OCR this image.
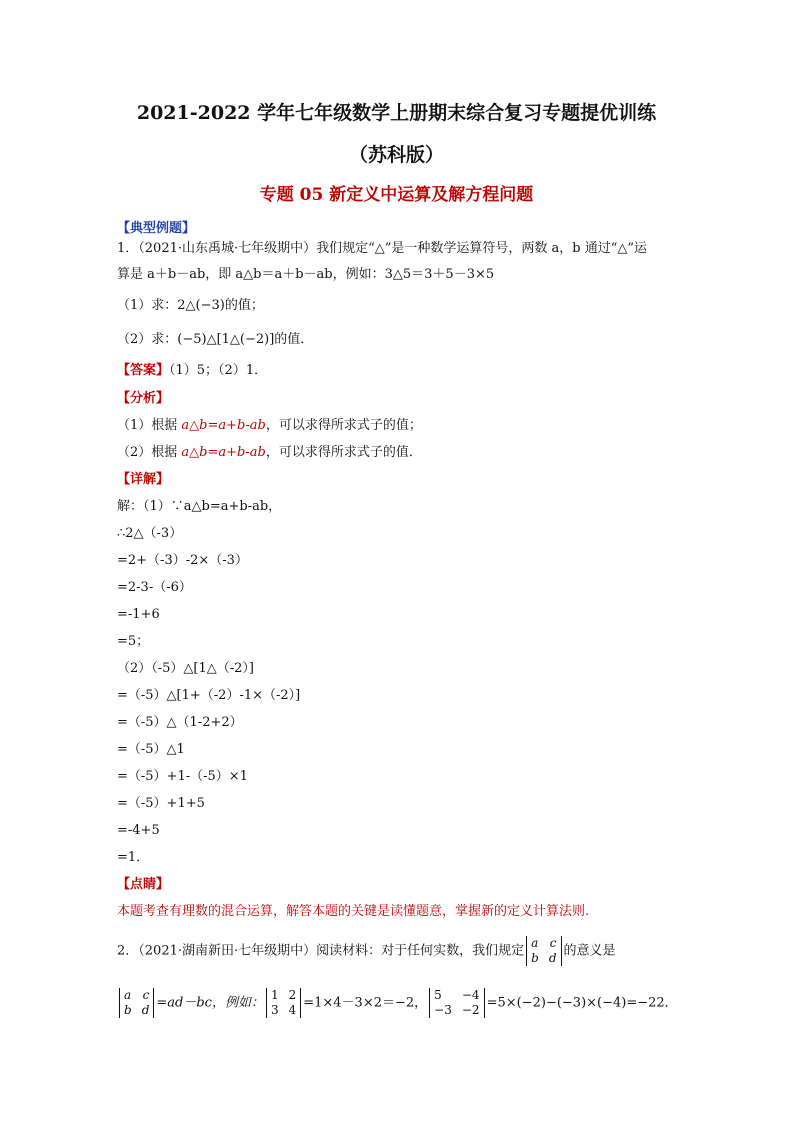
2021-2022 学年七年级数学上册期末综合复习专题提优训练
（苏科版）
专题 05 新定义中运算及解方程问题
【典型例题】
1．（2021·山东禹城·七年级期中）我们规定“△”是一种数学运算符号，两数 a，b 通过“△”运
算是 a＋b－ab，即 a△b＝a＋b－ab，例如：3△5＝3＋5－3×5
（1）求：2△(−3)的值；
（2）求：(−5)△[1△(−2)]的值．
【答案】（1）5；（2）1．
【分析】
（1）根据 a△b=a+b-ab，可以求得所求式子的值；
（2）根据 a△b=a+b-ab，可以求得所求式子的值．
【详解】
解：（1）∵a△b=a+b-ab，
∴2△（-3）
=2+（-3）-2×（-3）
=2-3-（-6）
=-1+6
=5；
（2）（-5）△[1△（-2）]
=（-5）△[1+（-2）-1×（-2）]
=（-5）△（1-2+2）
=（-5）△1
=（-5）+1-（-5）×1
=（-5）+1+5
=-4+5
=1．
【点睛】
本题考查有理数的混合运算，解答本题的关键是读懂题意，掌握新的定义计算法则.
2．（2021·湖南新田·七年级期中）阅读材料：对于任何实数，我们规定
a c
b d 的意义是
a c
b d =ad－bc，例如：
1 2
3 4 =1×4－3×2＝−2，
5 −4
−3 −2 =5×(−2)−(−3)×(−4)=−22．
